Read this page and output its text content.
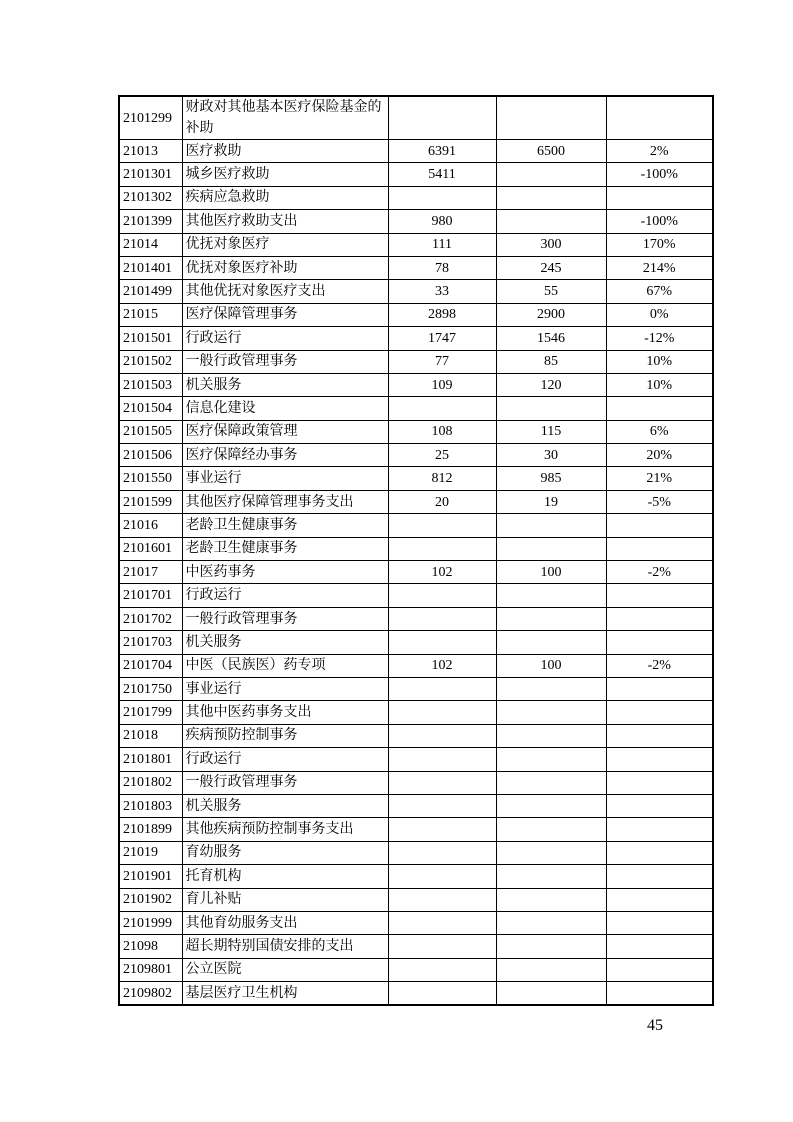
2101299	财政对其他基本医疗保险基金的补助			
21013	医疗救助	6391	6500	2%
2101301	城乡医疗救助	5411		-100%
2101302	疾病应急救助			
2101399	其他医疗救助支出	980		-100%
21014	优抚对象医疗	111	300	170%
2101401	优抚对象医疗补助	78	245	214%
2101499	其他优抚对象医疗支出	33	55	67%
21015	医疗保障管理事务	2898	2900	0%
2101501	行政运行	1747	1546	-12%
2101502	一般行政管理事务	77	85	10%
2101503	机关服务	109	120	10%
2101504	信息化建设			
2101505	医疗保障政策管理	108	115	6%
2101506	医疗保障经办事务	25	30	20%
2101550	事业运行	812	985	21%
2101599	其他医疗保障管理事务支出	20	19	-5%
21016	老龄卫生健康事务			
2101601	老龄卫生健康事务			
21017	中医药事务	102	100	-2%
2101701	行政运行			
2101702	一般行政管理事务			
2101703	机关服务			
2101704	中医（民族医）药专项	102	100	-2%
2101750	事业运行			
2101799	其他中医药事务支出			
21018	疾病预防控制事务			
2101801	行政运行			
2101802	一般行政管理事务			
2101803	机关服务			
2101899	其他疾病预防控制事务支出			
21019	育幼服务			
2101901	托育机构			
2101902	育儿补贴			
2101999	其他育幼服务支出			
21098	超长期特别国债安排的支出			
2109801	公立医院			
2109802	基层医疗卫生机构			
45
